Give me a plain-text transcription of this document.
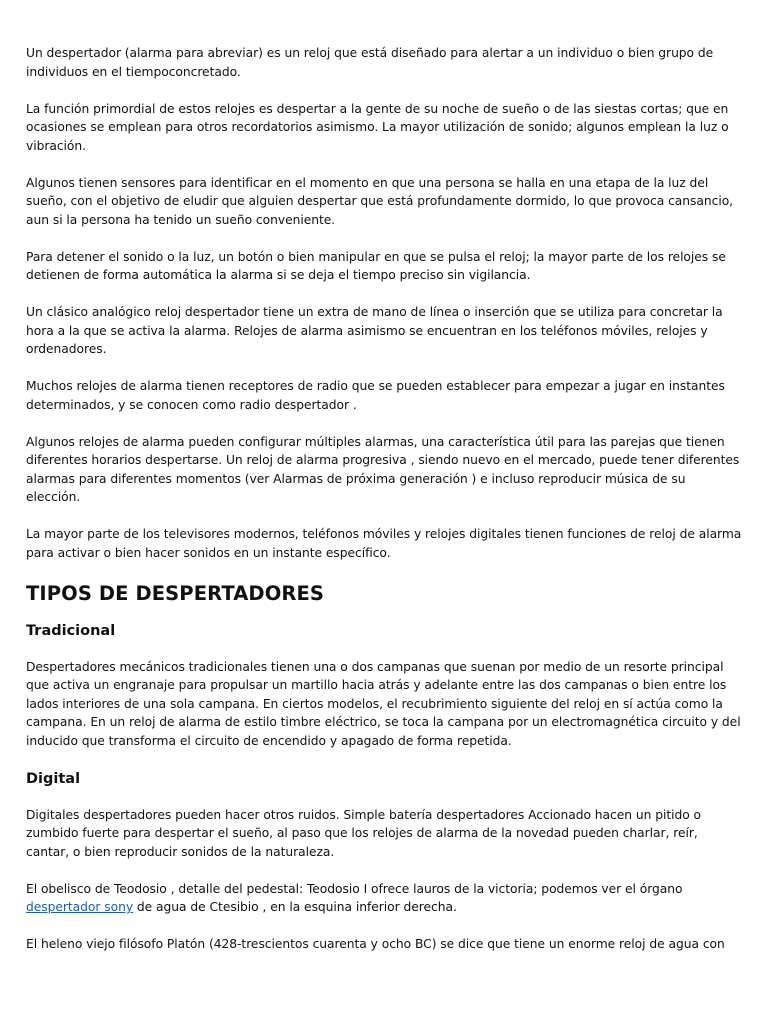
Un despertador (alarma para abreviar) es un reloj que está diseñado para alertar a un individuo o bien grupo de individuos en el tiempoconcretado.

La función primordial de estos relojes es despertar a la gente de su noche de sueño o de las siestas cortas; que en ocasiones se emplean para otros recordatorios asimismo. La mayor utilización de sonido; algunos emplean la luz o vibración.

Algunos tienen sensores para identificar en el momento en que una persona se halla en una etapa de la luz del sueño, con el objetivo de eludir que alguien despertar que está profundamente dormido, lo que provoca cansancio, aun si la persona ha tenido un sueño conveniente.

Para detener el sonido o la luz, un botón o bien manipular en que se pulsa el reloj; la mayor parte de los relojes se detienen de forma automática la alarma si se deja el tiempo preciso sin vigilancia.

Un clásico analógico reloj despertador tiene un extra de mano de línea o inserción que se utiliza para concretar la hora a la que se activa la alarma. Relojes de alarma asimismo se encuentran en los teléfonos móviles, relojes y ordenadores.

Muchos relojes de alarma tienen receptores de radio que se pueden establecer para empezar a jugar en instantes determinados, y se conocen como radio despertador .

Algunos relojes de alarma pueden configurar múltiples alarmas, una característica útil para las parejas que tienen diferentes horarios despertarse. Un reloj de alarma progresiva , siendo nuevo en el mercado, puede tener diferentes alarmas para diferentes momentos (ver Alarmas de próxima generación ) e incluso reproducir música de su elección.

La mayor parte de los televisores modernos, teléfonos móviles y relojes digitales tienen funciones de reloj de alarma para activar o bien hacer sonidos en un instante específico.

TIPOS DE DESPERTADORES
Tradicional

Despertadores mecánicos tradicionales tienen una o dos campanas que suenan por medio de un resorte principal que activa un engranaje para propulsar un martillo hacia atrás y adelante entre las dos campanas o bien entre los lados interiores de una sola campana. En ciertos modelos, el recubrimiento siguiente del reloj en sí actúa como la campana. En un reloj de alarma de estilo timbre eléctrico, se toca la campana por un electromagnética circuito y del inducido que transforma el circuito de encendido y apagado de forma repetida.

Digital

Digitales despertadores pueden hacer otros ruidos. Simple batería despertadores Accionado hacen un pitido o zumbido fuerte para despertar el sueño, al paso que los relojes de alarma de la novedad pueden charlar, reír, cantar, o bien reproducir sonidos de la naturaleza.

El obelisco de Teodosio , detalle del pedestal: Teodosio I ofrece lauros de la victoria; podemos ver el órgano despertador sony de agua de Ctesibio , en la esquina inferior derecha.

El heleno viejo filósofo Platón (428-trescientos cuarenta y ocho BC) se dice que tiene un enorme reloj de agua con
